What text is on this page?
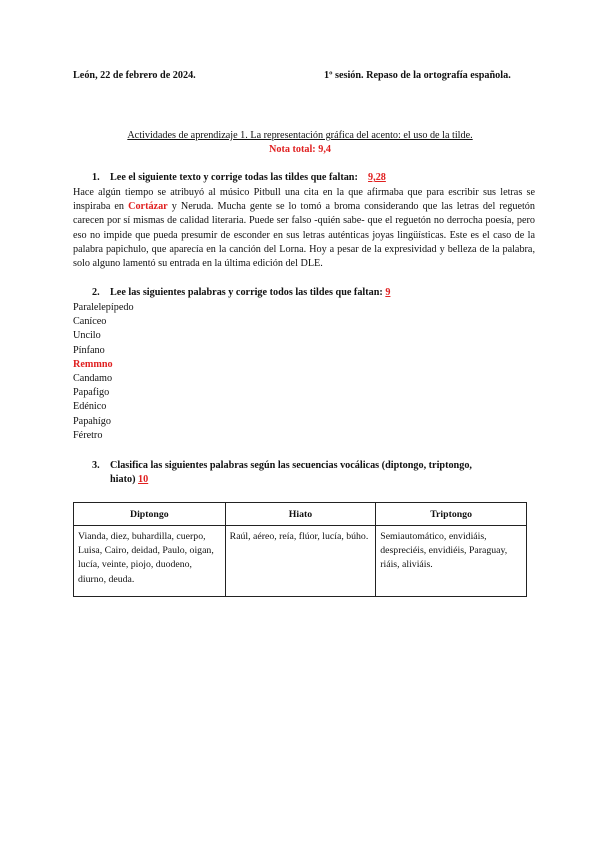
León, 22 de febrero de 2024.	1º sesión. Repaso de la ortografía española.
Actividades de aprendizaje 1. La representación gráfica del acento: el uso de la tilde.
Nota total: 9,4
1. Lee el siguiente texto y corrige todas las tildes que faltan: 9,28
Hace algún tiempo se atribuyó al músico Pitbull una cita en la que afirmaba que para escribir sus letras se inspiraba en Cortázar y Neruda. Mucha gente se lo tomó a broma considerando que las letras del reguetón carecen por sí mismas de calidad literaria. Puede ser falso -quién sabe- que el reguetón no derrocha poesía, pero eso no impide que pueda presumir de esconder en sus letras auténticas joyas lingüísticas. Este es el caso de la palabra papichulo, que aparecía en la canción del Lorna. Hoy a pesar de la expresividad y belleza de la palabra, solo alguno lamentó su entrada en la última edición del DLE.
2. Lee las siguientes palabras y corrige todos las tildes que faltan: 9
Paralelepípedo
Caníceo
Uncilo
Pínfano
Remmno
Candamo
Papafigo
Edénico
Papahígo
Féretro
3. Clasifica las siguientes palabras según las secuencias vocálicas (diptongo, triptongo,
hiato) 10
Diptongo	Hiato	Triptongo
Vianda, diez, buhardilla, cuerpo, Luisa, Cairo, deidad, Paulo, oigan, lucía, veinte, piojo, duodeno, diurno, deuda.	Raúl, aéreo, reía, flúor, lucía, búho.	Semiautomático, envidiáis, despreciéis, envidiéis, Paraguay, riáis, aliviáis.
